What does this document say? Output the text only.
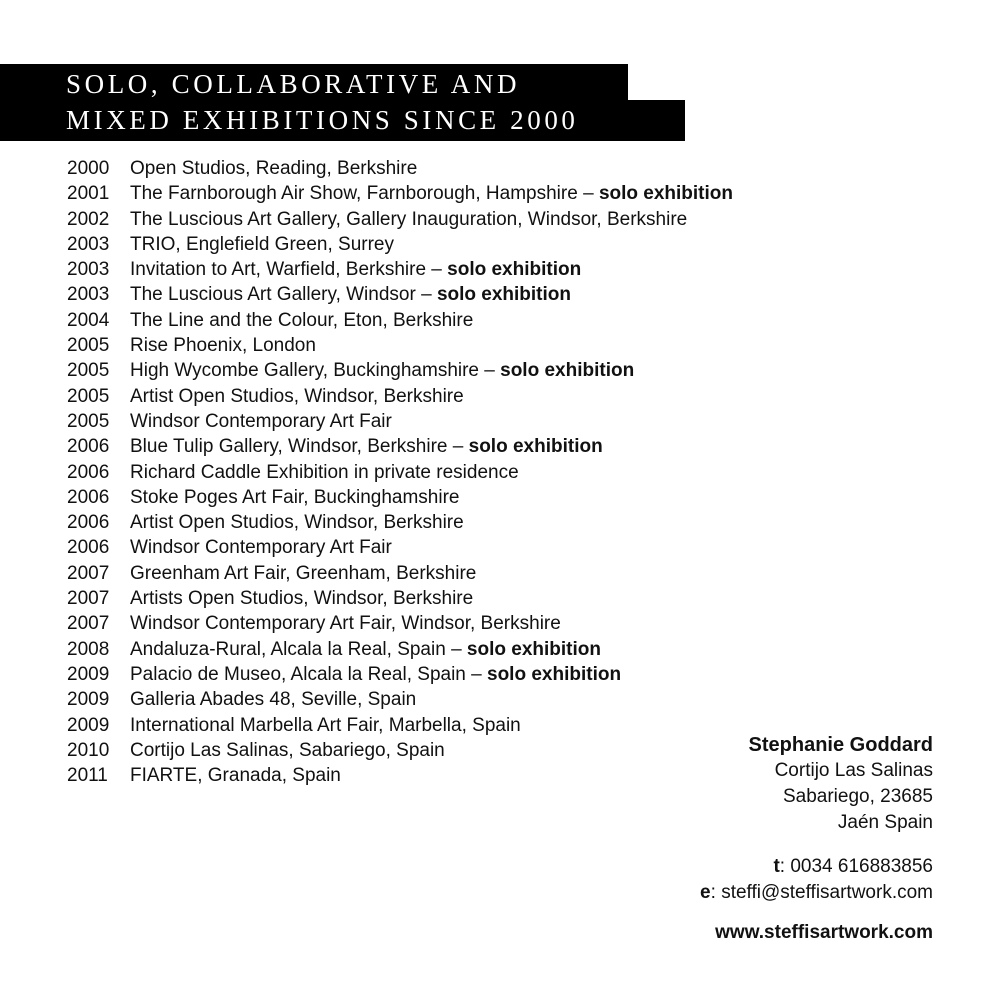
SOLO, COLLABORATIVE AND
MIXED EXHIBITIONS SINCE 2000
2000	Open Studios, Reading, Berkshire
2001	The Farnborough Air Show, Farnborough, Hampshire – solo exhibition
2002	The Luscious Art Gallery, Gallery Inauguration, Windsor, Berkshire
2003	TRIO, Englefield Green, Surrey
2003	Invitation to Art, Warfield, Berkshire – solo exhibition
2003	The Luscious Art Gallery, Windsor – solo exhibition
2004	The Line and the Colour, Eton, Berkshire
2005	Rise Phoenix, London
2005	High Wycombe Gallery, Buckinghamshire – solo exhibition
2005	Artist Open Studios, Windsor, Berkshire
2005	Windsor Contemporary Art Fair
2006	Blue Tulip Gallery, Windsor, Berkshire – solo exhibition
2006	Richard Caddle Exhibition in private residence
2006	Stoke Poges Art Fair, Buckinghamshire
2006	Artist Open Studios, Windsor, Berkshire
2006	Windsor Contemporary Art Fair
2007	Greenham Art Fair, Greenham, Berkshire
2007	Artists Open Studios, Windsor, Berkshire
2007	Windsor Contemporary Art Fair, Windsor, Berkshire
2008	Andaluza-Rural, Alcala la Real, Spain – solo exhibition
2009	Palacio de Museo, Alcala la Real, Spain – solo exhibition
2009	Galleria Abades 48, Seville, Spain
2009	International Marbella Art Fair, Marbella, Spain
2010	Cortijo Las Salinas, Sabariego, Spain
2011	FIARTE, Granada, Spain
Stephanie Goddard
Cortijo Las Salinas
Sabariego, 23685
Jaén Spain
t: 0034 616883856
e: steffi@steffisartwork.com
www.steffisartwork.com
